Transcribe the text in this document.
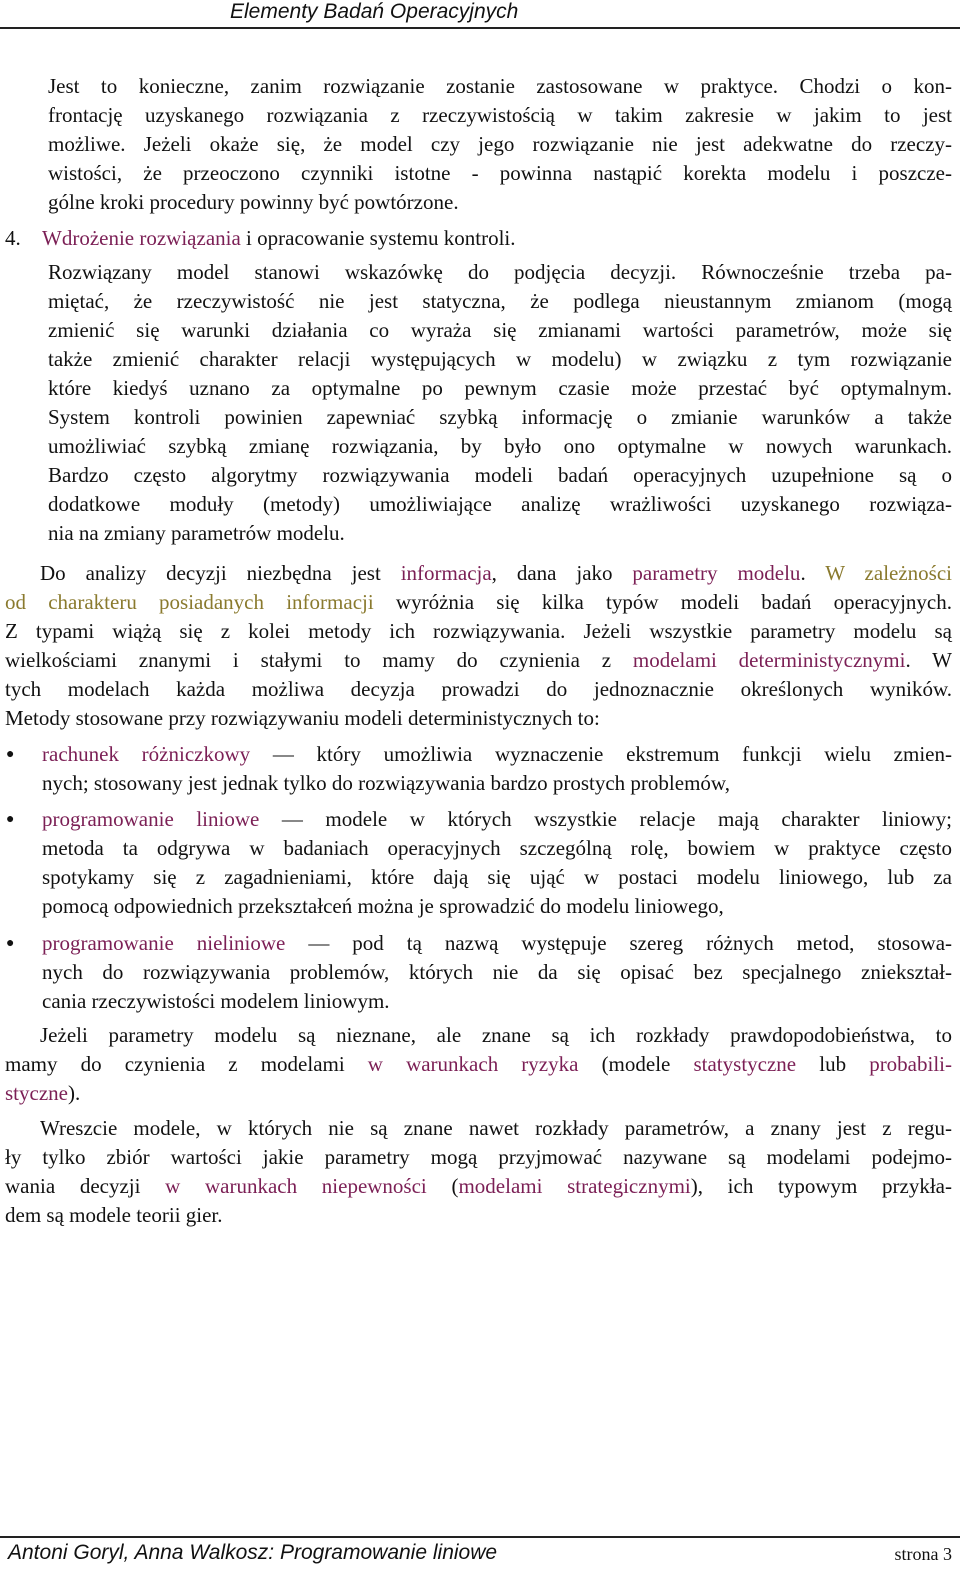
Elementy Badań Operacyjnych
Jest to konieczne, zanim rozwiązanie zostanie zastosowane w praktyce. Chodzi o kon-
frontację uzyskanego rozwiązania z rzeczywistością w takim zakresie w jakim to jest
możliwe. Jeżeli okaże się, że model czy jego rozwiązanie nie jest adekwatne do rzeczy-
wistości, że przeoczono czynniki istotne - powinna nastąpić korekta modelu i poszcze-
gólne kroki procedury powinny być powtórzone.
4. Wdrożenie rozwiązania i opracowanie systemu kontroli.
Rozwiązany model stanowi wskazówkę do podjęcia decyzji. Równocześnie trzeba pa-
miętać, że rzeczywistość nie jest statyczna, że podlega nieustannym zmianom (mogą
zmienić się warunki działania co wyraża się zmianami wartości parametrów, może się
także zmienić charakter relacji występujących w modelu) w związku z tym rozwiązanie
które kiedyś uznano za optymalne po pewnym czasie może przestać być optymalnym.
System kontroli powinien zapewniać szybką informację o zmianie warunków a także
umożliwiać szybką zmianę rozwiązania, by było ono optymalne w nowych warunkach.
Bardzo często algorytmy rozwiązywania modeli badań operacyjnych uzupełnione są o
dodatkowe moduły (metody) umożliwiające analizę wrażliwości uzyskanego rozwiąza-
nia na zmiany parametrów modelu.
Do analizy decyzji niezbędna jest informacja, dana jako parametry modelu. W zależności
od charakteru posiadanych informacji wyróżnia się kilka typów modeli badań operacyjnych.
Z typami wiążą się z kolei metody ich rozwiązywania. Jeżeli wszystkie parametry modelu są
wielkościami znanymi i stałymi to mamy do czynienia z modelami deterministycznymi. W
tych modelach każda możliwa decyzja prowadzi do jednoznacznie określonych wyników.
Metody stosowane przy rozwiązywaniu modeli deterministycznych to:
● rachunek różniczkowy — który umożliwia wyznaczenie ekstremum funkcji wielu zmien-
nych; stosowany jest jednak tylko do rozwiązywania bardzo prostych problemów,
● programowanie liniowe — modele w których wszystkie relacje mają charakter liniowy;
metoda ta odgrywa w badaniach operacyjnych szczególną rolę, bowiem w praktyce często
spotykamy się z zagadnieniami, które dają się ująć w postaci modelu liniowego, lub za
pomocą odpowiednich przekształceń można je sprowadzić do modelu liniowego,
● programowanie nieliniowe — pod tą nazwą występuje szereg różnych metod, stosowa-
nych do rozwiązywania problemów, których nie da się opisać bez specjalnego zniekształ-
cania rzeczywistości modelem liniowym.
Jeżeli parametry modelu są nieznane, ale znane są ich rozkłady prawdopodobieństwa, to
mamy do czynienia z modelami w warunkach ryzyka (modele statystyczne lub probabili-
styczne).
Wreszcie modele, w których nie są znane nawet rozkłady parametrów, a znany jest z regu-
ły tylko zbiór wartości jakie parametry mogą przyjmować nazywane są modelami podejmo-
wania decyzji w warunkach niepewności (modelami strategicznymi), ich typowym przykła-
dem są modele teorii gier.
Antoni Goryl, Anna Walkosz: Programowanie liniowe	strona 3
